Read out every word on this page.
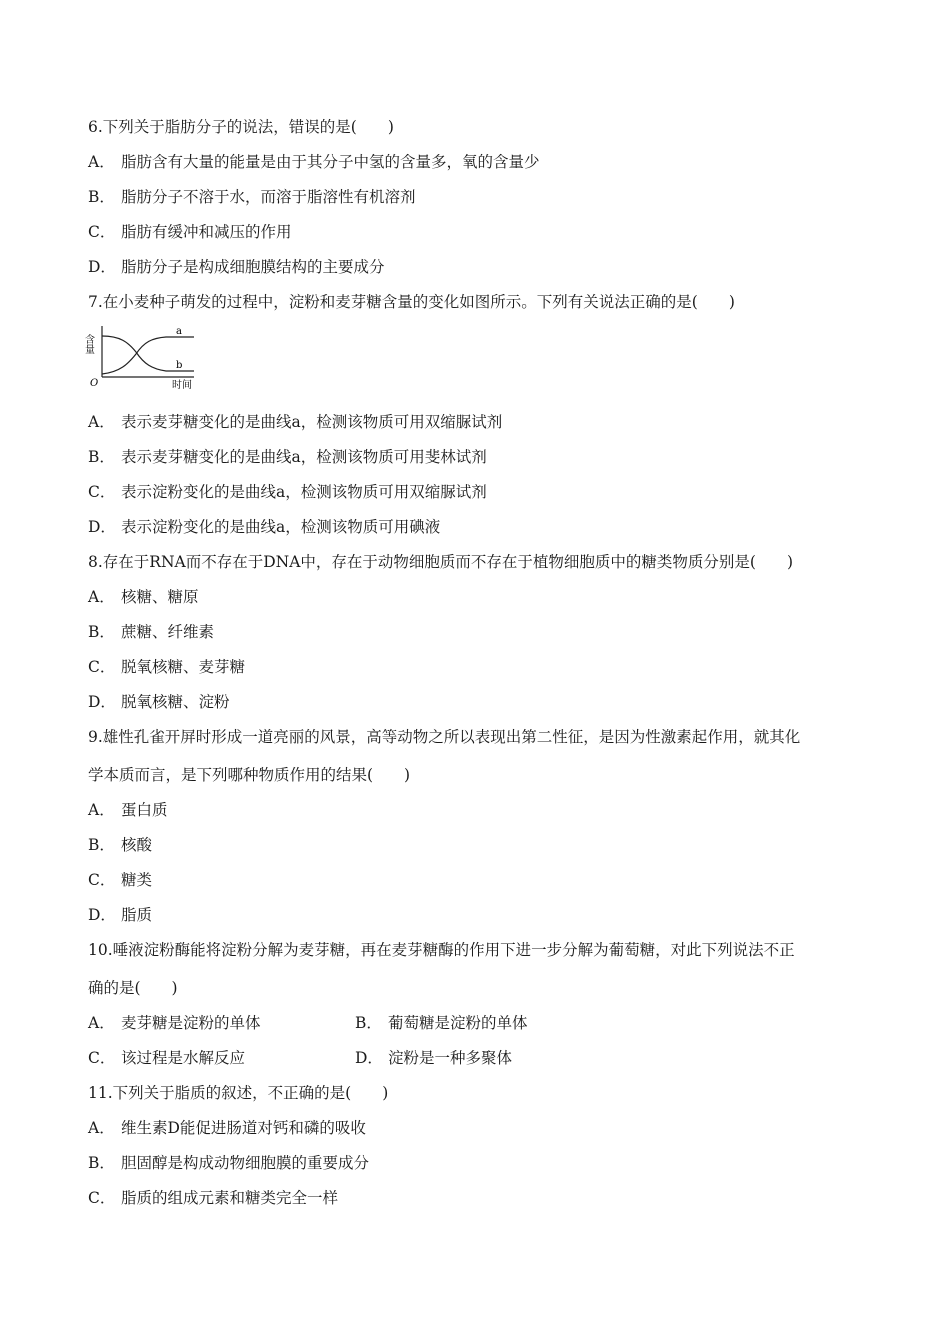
6.下列关于脂肪分子的说法，错误的是(　　)
A． 脂肪含有大量的能量是由于其分子中氢的含量多，氧的含量少
B． 脂肪分子不溶于水，而溶于脂溶性有机溶剂
C． 脂肪有缓冲和减压的作用
D． 脂肪分子是构成细胞膜结构的主要成分
7.在小麦种子萌发的过程中，淀粉和麦芽糖含量的变化如图所示。下列有关说法正确的是(　　)
含量
a
b
O	时间
A． 表示麦芽糖变化的是曲线a，检测该物质可用双缩脲试剂
B． 表示麦芽糖变化的是曲线a，检测该物质可用斐林试剂
C． 表示淀粉变化的是曲线a，检测该物质可用双缩脲试剂
D． 表示淀粉变化的是曲线a，检测该物质可用碘液
8.存在于RNA而不存在于DNA中，存在于动物细胞质而不存在于植物细胞质中的糖类物质分别是(　　)
A． 核糖、糖原
B． 蔗糖、纤维素
C． 脱氧核糖、麦芽糖
D． 脱氧核糖、淀粉
9.雄性孔雀开屏时形成一道亮丽的风景，高等动物之所以表现出第二性征，是因为性激素起作用，就其化
学本质而言，是下列哪种物质作用的结果(　　)
A． 蛋白质
B． 核酸
C． 糖类
D． 脂质
10.唾液淀粉酶能将淀粉分解为麦芽糖，再在麦芽糖酶的作用下进一步分解为葡萄糖，对此下列说法不正
确的是(　　)
A． 麦芽糖是淀粉的单体	B． 葡萄糖是淀粉的单体
C． 该过程是水解反应	D． 淀粉是一种多聚体
11.下列关于脂质的叙述，不正确的是(　　)
A． 维生素D能促进肠道对钙和磷的吸收
B． 胆固醇是构成动物细胞膜的重要成分
C． 脂质的组成元素和糖类完全一样
